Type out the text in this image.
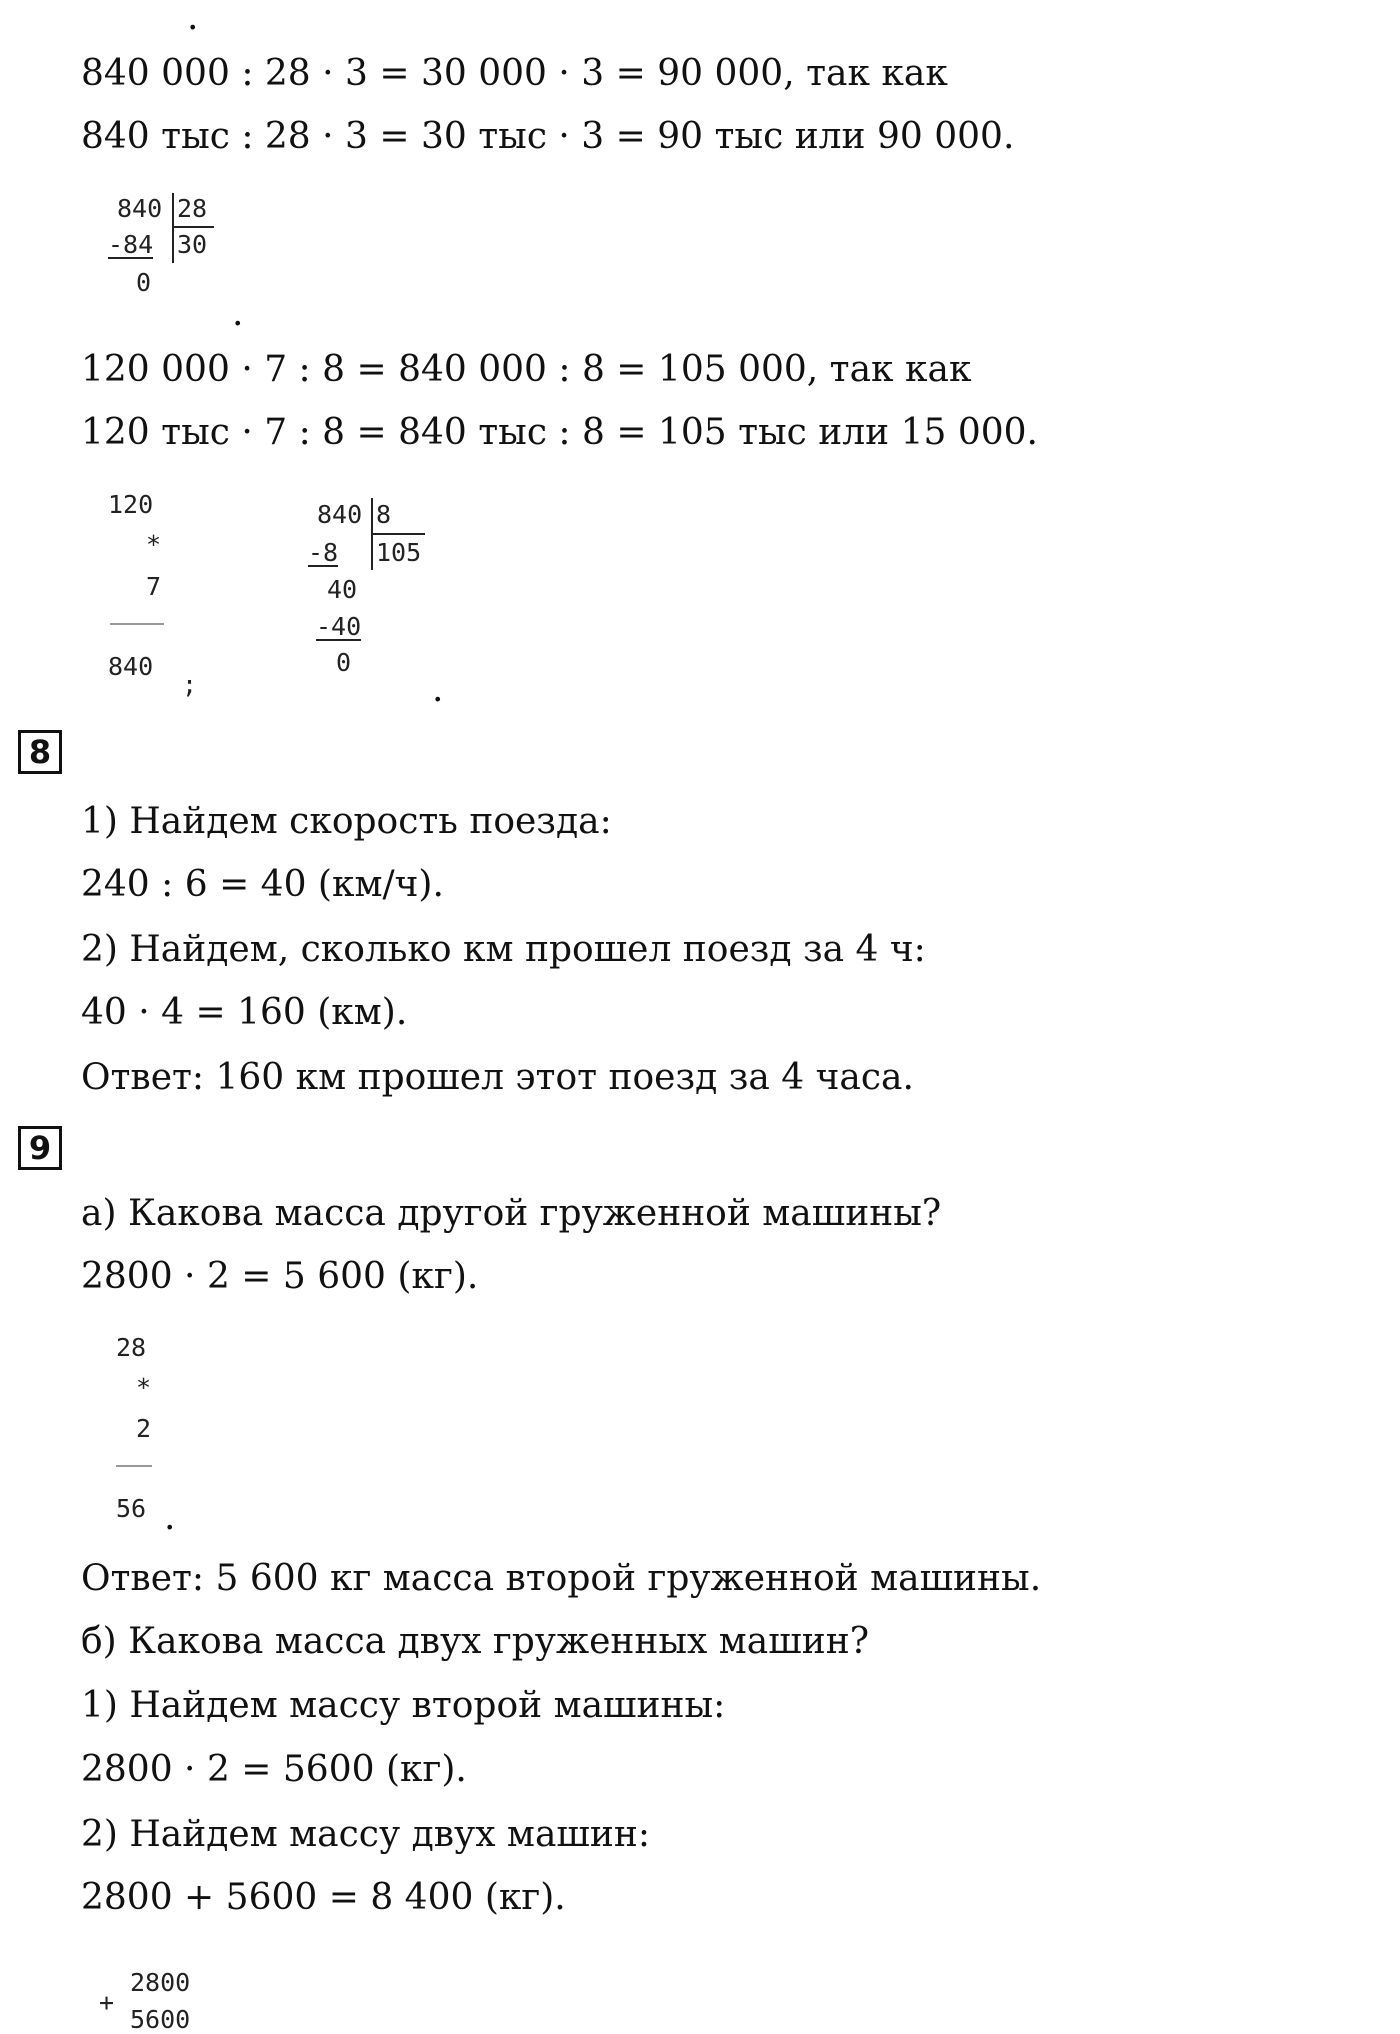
.

840 000 : 28 · 3 = 30 000 · 3 = 90 000, так как

840 тыс : 28 · 3 = 30 тыс · 3 = 90 тыс или 90 000.

840 28
-84 30
0
.

120 000 · 7 : 8 = 840 000 : 8 = 105 000, так как

120 тыс · 7 : 8 = 840 тыс : 8 = 105 тыс или 15 000.

120
*
7
840
;
840 8
-8 105
40
-40
0
.
8

1) Найдем скорость поезда:

240 : 6 = 40 (км/ч).

2) Найдем, сколько км прошел поезд за 4 ч:

40 · 4 = 160 (км).

Ответ: 160 км прошел этот поезд за 4 часа.

9

а) Какова масса другой груженной машины?

2800 · 2 = 5 600 (кг).

28
*
2
56 .

Ответ: 5 600 кг масса второй груженной машины.

б) Какова масса двух груженных машин?

1) Найдем массу второй машины:

2800 · 2 = 5600 (кг).

2) Найдем массу двух машин:

2800 + 5600 = 8 400 (кг).

+
2800
5600
